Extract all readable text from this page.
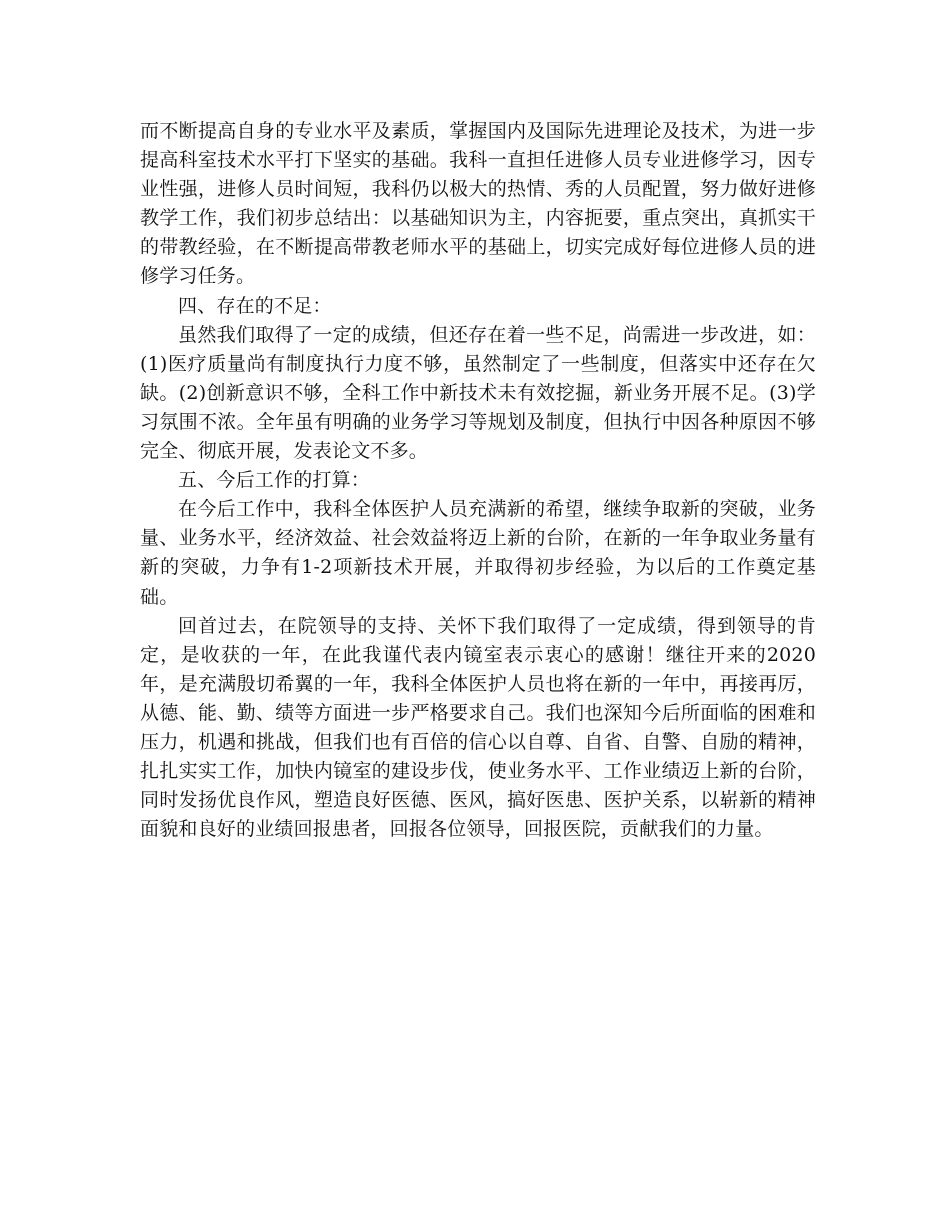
而不断提高自身的专业水平及素质，掌握国内及国际先进理论及技术，为进一步提高科室技术水平打下坚实的基础。我科一直担任进修人员专业进修学习，因专业性强，进修人员时间短，我科仍以极大的热情、秀的人员配置，努力做好进修教学工作，我们初步总结出：以基础知识为主，内容扼要，重点突出，真抓实干的带教经验，在不断提高带教老师水平的基础上，切实完成好每位进修人员的进修学习任务。

四、存在的不足：

虽然我们取得了一定的成绩，但还存在着一些不足，尚需进一步改进，如：(1)医疗质量尚有制度执行力度不够，虽然制定了一些制度，但落实中还存在欠缺。(2)创新意识不够，全科工作中新技术未有效挖掘，新业务开展不足。(3)学习氛围不浓。全年虽有明确的业务学习等规划及制度，但执行中因各种原因不够完全、彻底开展，发表论文不多。

五、今后工作的打算：

在今后工作中，我科全体医护人员充满新的希望，继续争取新的突破，业务量、业务水平，经济效益、社会效益将迈上新的台阶，在新的一年争取业务量有新的突破，力争有1-2项新技术开展，并取得初步经验，为以后的工作奠定基础。

回首过去，在院领导的支持、关怀下我们取得了一定成绩，得到领导的肯定，是收获的一年，在此我谨代表内镜室表示衷心的感谢！继往开来的2020年，是充满殷切希翼的一年，我科全体医护人员也将在新的一年中，再接再厉，从德、能、勤、绩等方面进一步严格要求自己。我们也深知今后所面临的困难和压力，机遇和挑战，但我们也有百倍的信心以自尊、自省、自警、自励的精神，扎扎实实工作，加快内镜室的建设步伐，使业务水平、工作业绩迈上新的台阶，同时发扬优良作风，塑造良好医德、医风，搞好医患、医护关系，以崭新的精神面貌和良好的业绩回报患者，回报各位领导，回报医院，贡献我们的力量。
